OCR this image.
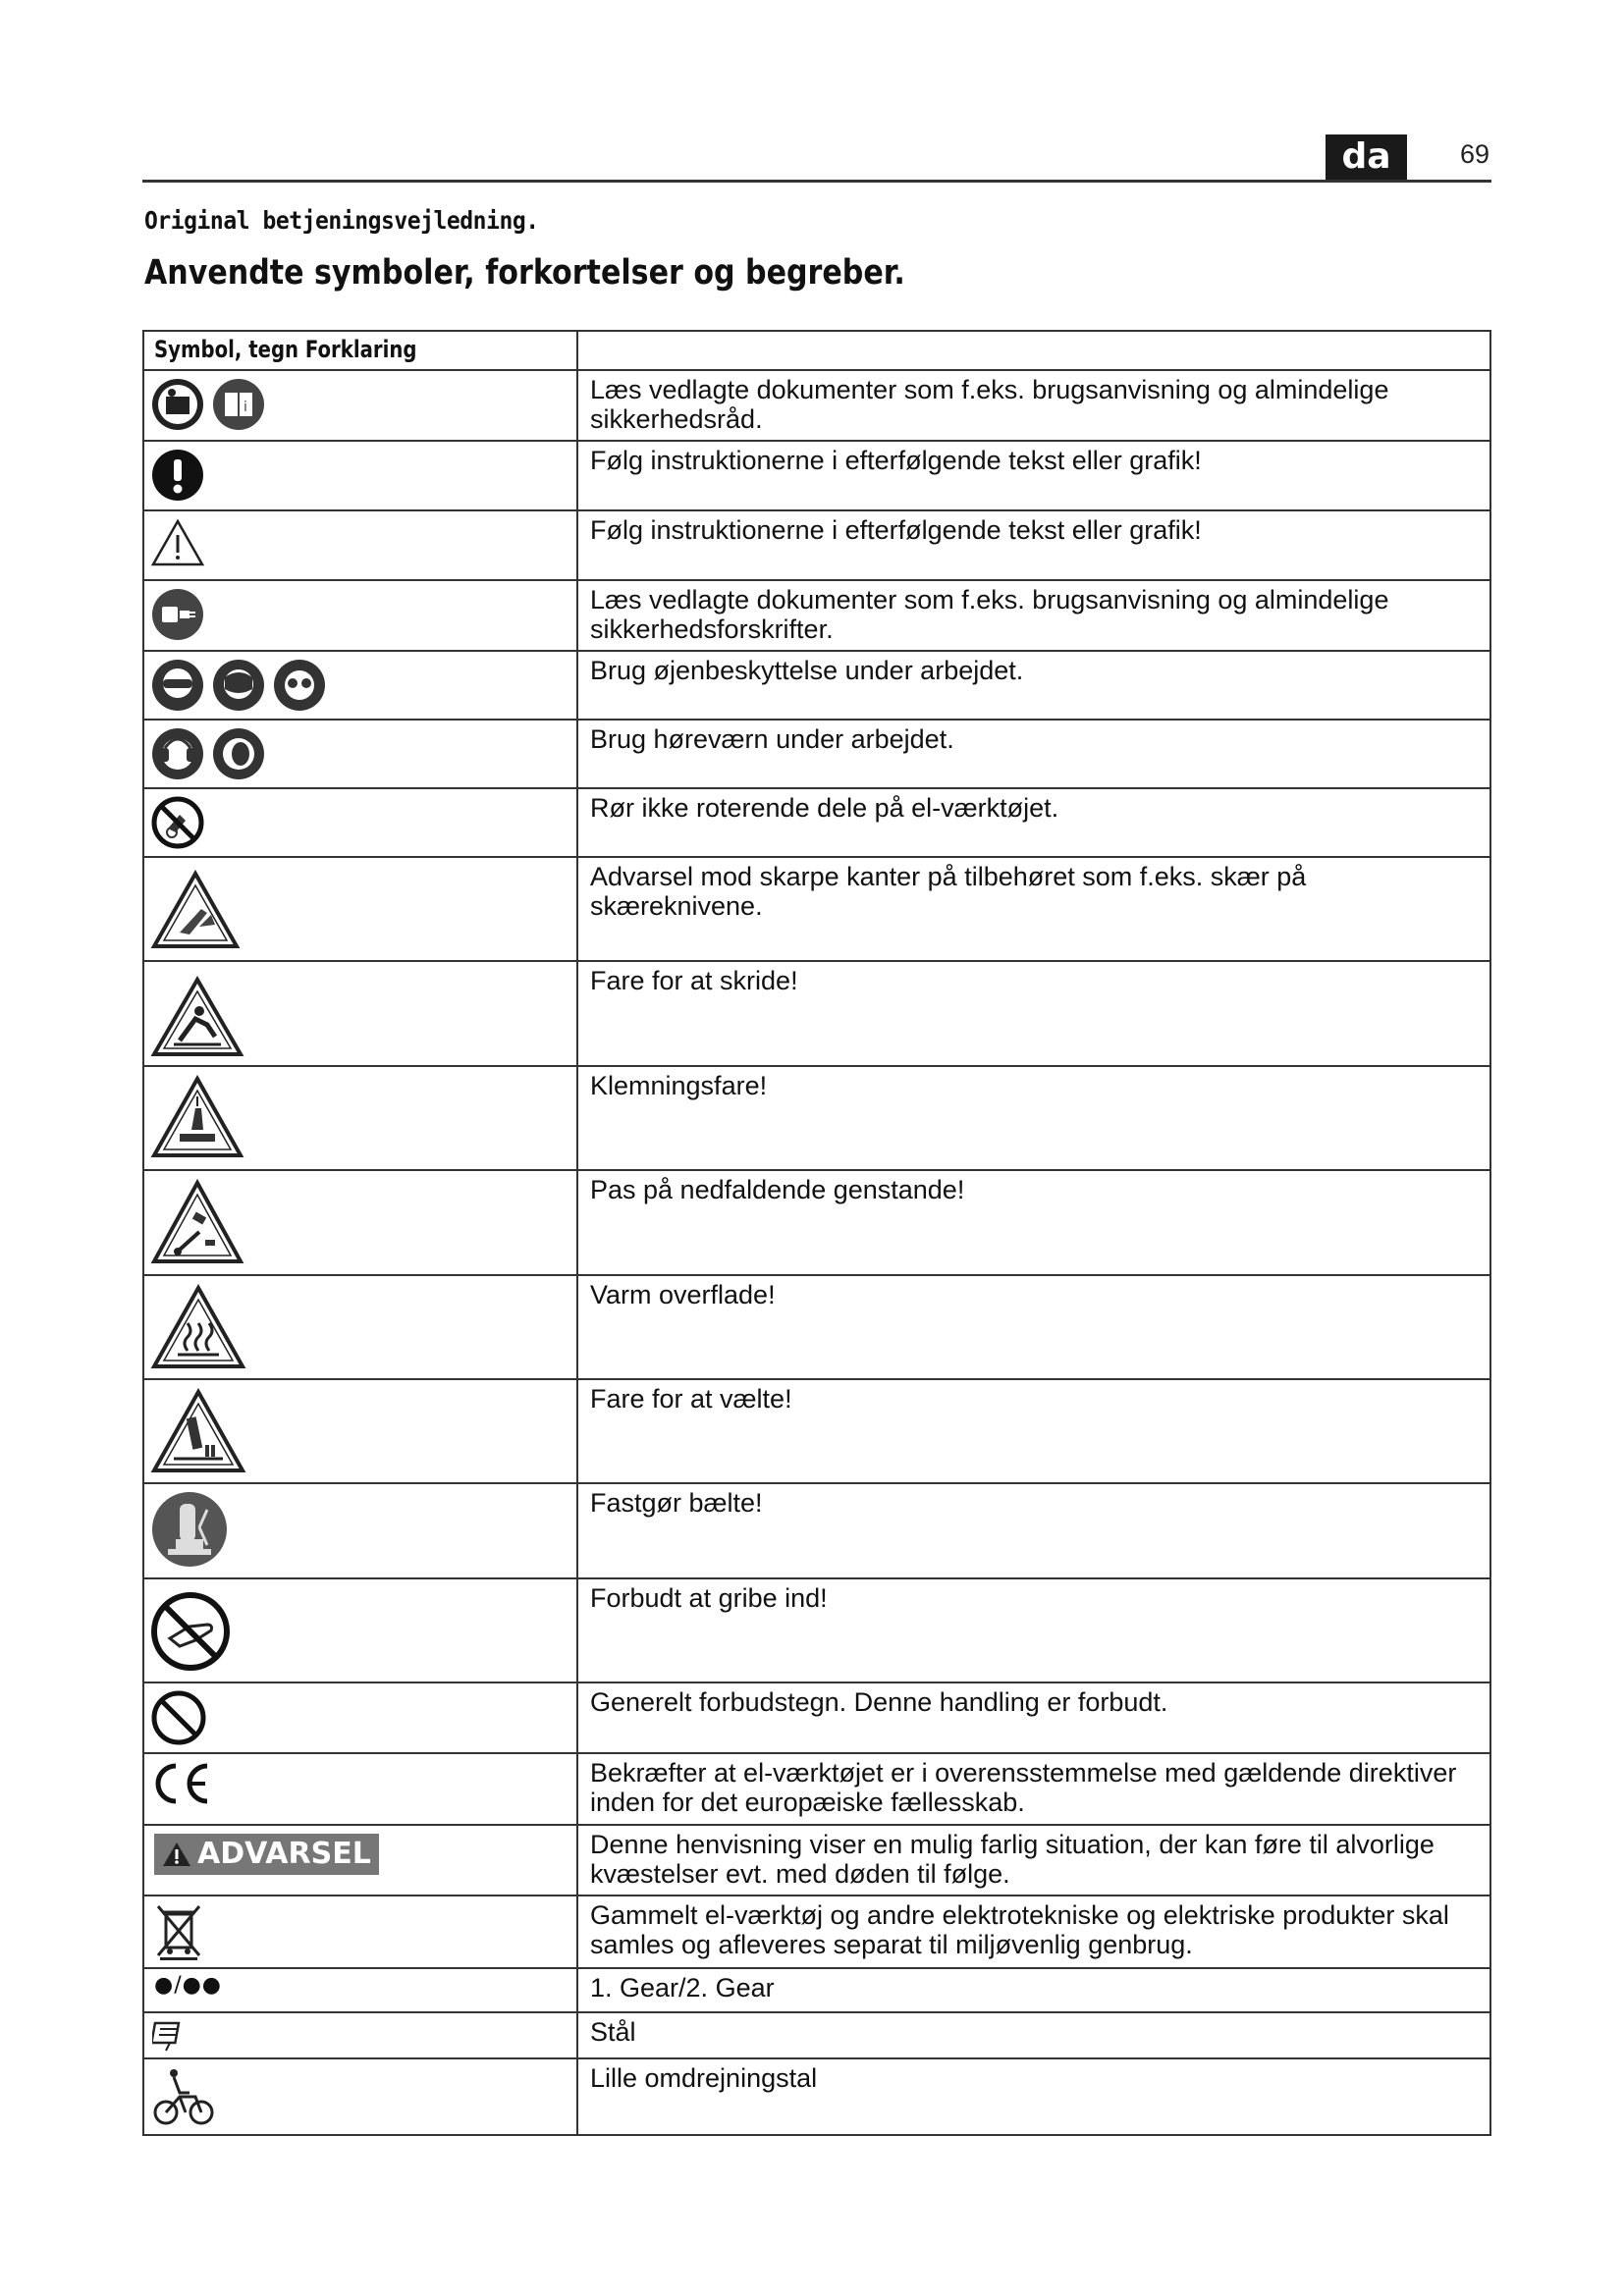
da	69
Original betjeningsvejledning.
Anvendte symboler, forkortelser og begreber.
Symbol, tegn Forklaring	

i	Læs vedlagte dokumenter som f.eks. brugsanvisning og almindelige sikkerhedsråd.

	Følg instruktionerne i efterfølgende tekst eller grafik!

	Følg instruktionerne i efterfølgende tekst eller grafik!

	Læs vedlagte dokumenter som f.eks. brugsanvisning og almindelige sikkerhedsforskrifter.

	Brug øjenbeskyttelse under arbejdet.

	Brug høreværn under arbejdet.

	Rør ikke roterende dele på el-værktøjet.

	Advarsel mod skarpe kanter på tilbehøret som f.eks. skær på skæreknivene.

	Fare for at skride!

	Klemningsfare!

	Pas på nedfaldende genstande!

	Varm overflade!

	Fare for at vælte!

	Fastgør bælte!

	Forbudt at gribe ind!

	Generelt forbudstegn. Denne handling er forbudt.

	Bekræfter at el-værktøjet er i overensstemmelse med gældende direktiver inden for det europæiske fællesskab.

ADVARSEL	Denne henvisning viser en mulig farlig situation, der kan føre til alvorlige kvæstelser evt. med døden til følge.

	Gammelt el-værktøj og andre elektrotekniske og elektriske produkter skal samles og afleveres separat til miljøvenlig genbrug.

●/●●	1. Gear/2. Gear

	Stål

	Lille omdrejningstal
